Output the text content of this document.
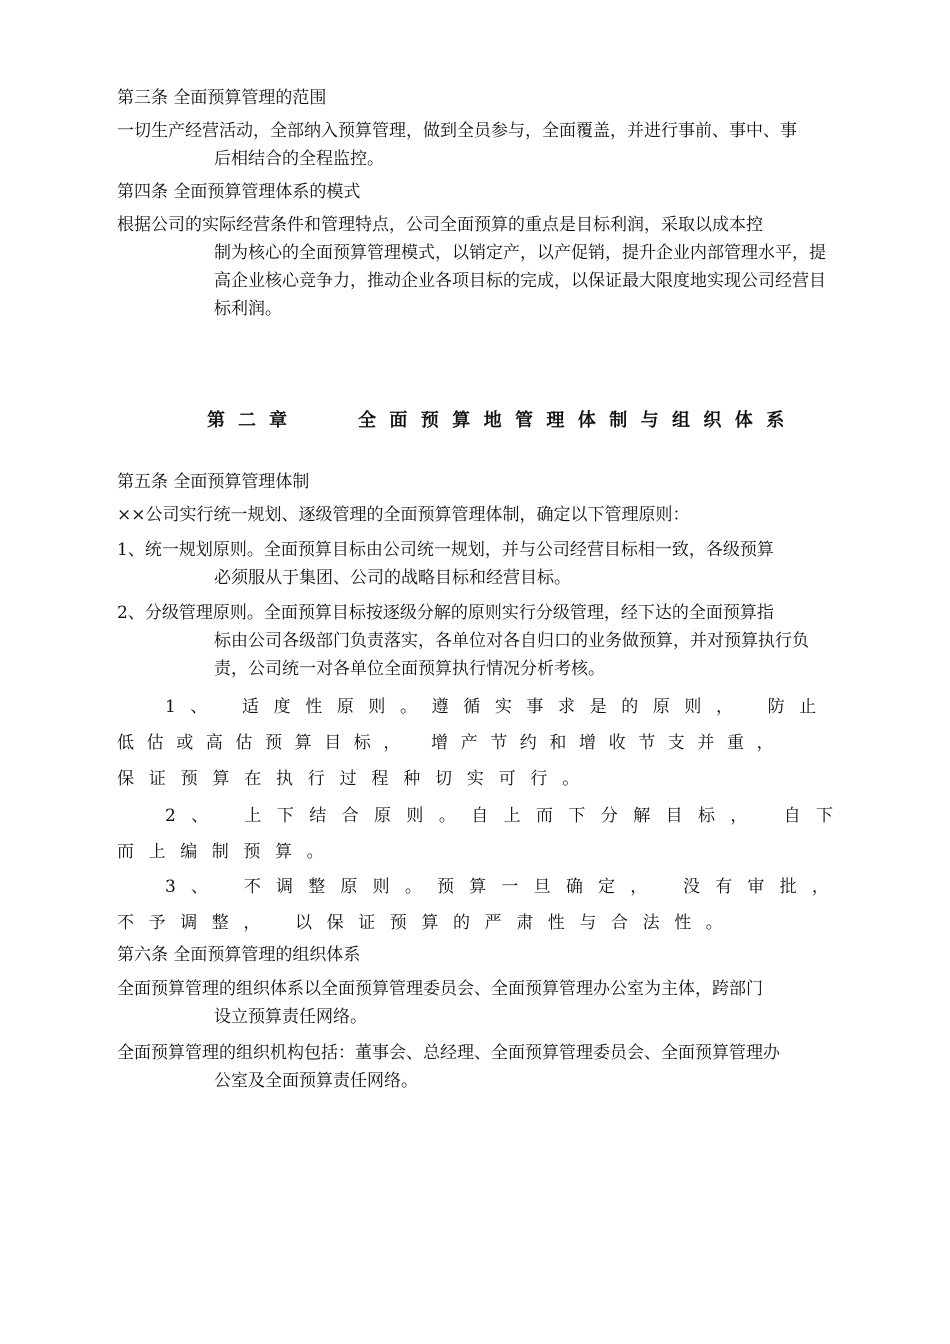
第三条 全面预算管理的范围
一切生产经营活动，全部纳入预算管理，做到全员参与，全面覆盖，并进行事前、事中、事
后相结合的全程监控。
第四条 全面预算管理体系的模式
根据公司的实际经营条件和管理特点，公司全面预算的重点是目标利润，采取以成本控
制为核心的全面预算管理模式，以销定产，以产促销，提升企业内部管理水平，提高企业核心竞争力，推动企业各项目标的完成，以保证最大限度地实现公司经营目标利润。
第二章	全面预算地管理体制与组织体系
第五条 全面预算管理体制
××公司实行统一规划、逐级管理的全面预算管理体制，确定以下管理原则：
1、统一规划原则。全面预算目标由公司统一规划，并与公司经营目标相一致，各级预算
必须服从于集团、公司的战略目标和经营目标。
2、分级管理原则。全面预算目标按逐级分解的原则实行分级管理，经下达的全面预算指
标由公司各级部门负责落实，各单位对各自归口的业务做预算，并对预算执行负责，公司统一对各单位全面预算执行情况分析考核。
1、 适度性原则。遵循实事求是的原则， 防止
低估或高估预算目标， 增产节约和增收节支并重，
保证预算在执行过程种切实可行。
2、 上下结合原则。自上而下分解目标， 自下
而上编制预算。
3、 不调整原则。预算一旦确定， 没有审批，
不予调整， 以保证预算的严肃性与合法性。
第六条 全面预算管理的组织体系
全面预算管理的组织体系以全面预算管理委员会、全面预算管理办公室为主体，跨部门
设立预算责任网络。
全面预算管理的组织机构包括：董事会、总经理、全面预算管理委员会、全面预算管理办
公室及全面预算责任网络。
